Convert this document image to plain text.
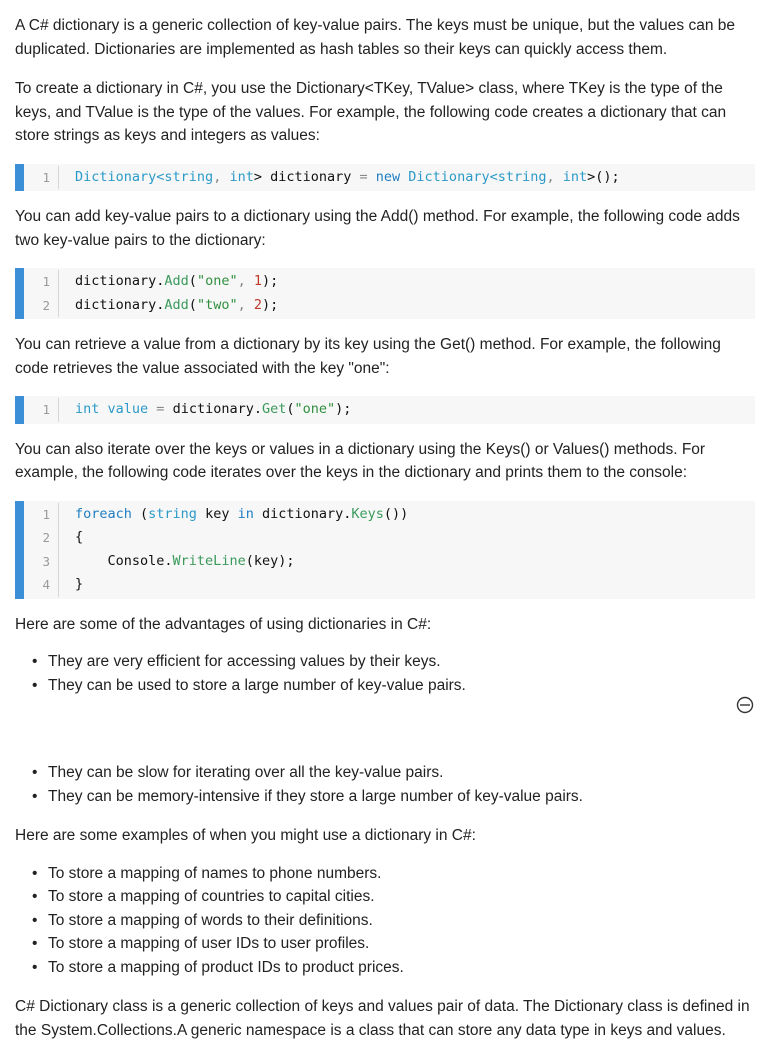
A C# dictionary is a generic collection of key-value pairs. The keys must be unique, but the values can be duplicated. Dictionaries are implemented as hash tables so their keys can quickly access them.

To create a dictionary in C#, you use the Dictionary<TKey, TValue> class, where TKey is the type of the keys, and TValue is the type of the values. For example, the following code creates a dictionary that can store strings as keys and integers as values:

1	Dictionary<string, int> dictionary = new Dictionary<string, int>();

You can add key-value pairs to a dictionary using the Add() method. For example, the following code adds two key-value pairs to the dictionary:

1	dictionary.Add("one", 1);
2	dictionary.Add("two", 2);

You can retrieve a value from a dictionary by its key using the Get() method. For example, the following code retrieves the value associated with the key "one":

1	int value = dictionary.Get("one");

You can also iterate over the keys or values in a dictionary using the Keys() or Values() methods. For example, the following code iterates over the keys in the dictionary and prints them to the console:

1	foreach (string key in dictionary.Keys())
2	{
3	Console.WriteLine(key);
4	}

Here are some of the advantages of using dictionaries in C#:

• They are very efficient for accessing values by their keys.
• They can be used to store a large number of key-value pairs.
• They can be slow for iterating over all the key-value pairs.
• They can be memory-intensive if they store a large number of key-value pairs.

Here are some examples of when you might use a dictionary in C#:

• To store a mapping of names to phone numbers.
• To store a mapping of countries to capital cities.
• To store a mapping of words to their definitions.
• To store a mapping of user IDs to user profiles.
• To store a mapping of product IDs to product prices.

C# Dictionary class is a generic collection of keys and values pair of data. The Dictionary class is defined in the System.Collections.A generic namespace is a class that can store any data type in keys and values.
